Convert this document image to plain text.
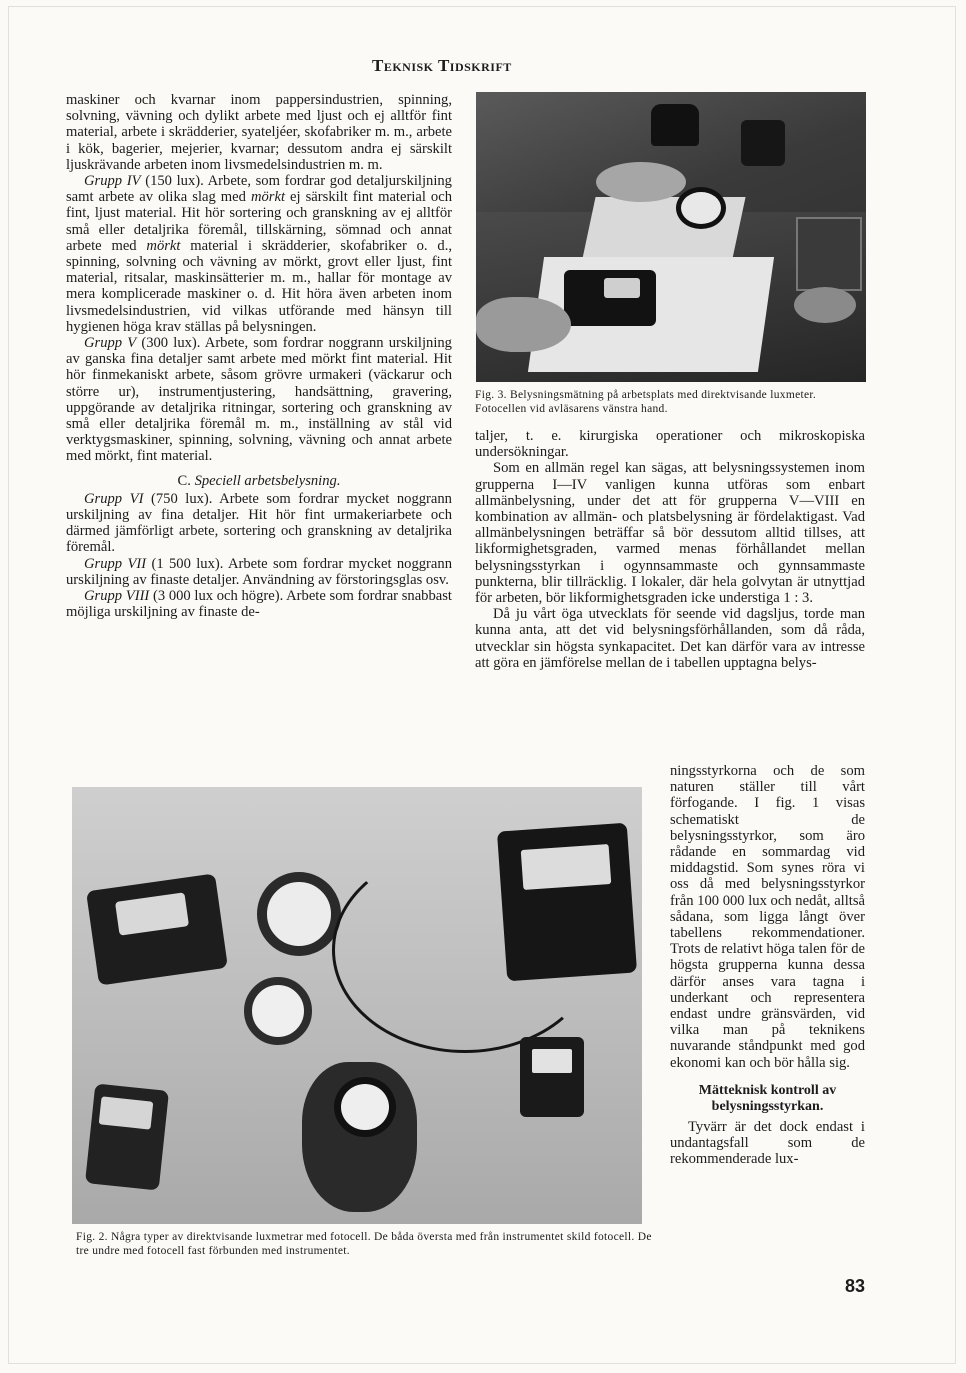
Teknisk Tidskrift

maskiner och kvarnar inom pappersindustrien, spinning, solvning, vävning och dylikt arbete med ljust och ej alltför fint material, arbete i skrädderier, syateljéer, skofabriker m. m., arbete i kök, bagerier, mejerier, kvarnar; dessutom andra ej särskilt ljuskrävande arbeten inom livsmedelsindustrien m. m.

Grupp IV (150 lux). Arbete, som fordrar god detaljurskiljning samt arbete av olika slag med mörkt ej särskilt fint material och fint, ljust material. Hit hör sortering och granskning av ej alltför små eller detaljrika föremål, tillskärning, sömnad och annat arbete med mörkt material i skrädderier, skofabriker o. d., spinning, solvning och vävning av mörkt, grovt eller ljust, fint material, ritsalar, maskinsätterier m. m., hallar för montage av mera komplicerade maskiner o. d. Hit höra även arbeten inom livsmedelsindustrien, vid vilkas utförande med hänsyn till hygienen höga krav ställas på belysningen.

Grupp V (300 lux). Arbete, som fordrar noggrann urskiljning av ganska fina detaljer samt arbete med mörkt fint material. Hit hör finmekaniskt arbete, såsom grövre urmakeri (väckarur och större ur), instrumentjustering, handsättning, gravering, uppgörande av detaljrika ritningar, sortering och granskning av små eller detaljrika föremål m. m., inställning av stål vid verktygsmaskiner, spinning, solvning, vävning och annat arbete med mörkt, fint material.

C. Speciell arbetsbelysning.

Grupp VI (750 lux). Arbete som fordrar mycket noggrann urskiljning av fina detaljer. Hit hör fint urmakeriarbete och därmed jämförligt arbete, sortering och granskning av detaljrika föremål.

Grupp VII (1 500 lux). Arbete som fordrar mycket noggrann urskiljning av finaste detaljer. Användning av förstoringsglas osv.

Grupp VIII (3 000 lux och högre). Arbete som fordrar snabbast möjliga urskiljning av finaste de-

Fig. 3. Belysningsmätning på arbetsplats med direktvisande luxmeter. Fotocellen vid avläsarens vänstra hand.

taljer, t. e. kirurgiska operationer och mikroskopiska undersökningar.

Som en allmän regel kan sägas, att belysningssystemen inom grupperna I—IV vanligen kunna utföras som enbart allmänbelysning, under det att för grupperna V—VIII en kombination av allmän- och platsbelysning är fördelaktigast. Vad allmänbelysningen beträffar så bör dessutom alltid tillses, att likformighetsgraden, varmed menas förhållandet mellan belysningsstyrkan i ogynnsammaste och gynnsammaste punkterna, blir tillräcklig. I lokaler, där hela golvytan är utnyttjad för arbeten, bör likformighetsgraden icke understiga 1 : 3.

Då ju vårt öga utvecklats för seende vid dagsljus, torde man kunna anta, att det vid belysningsförhållanden, som då råda, utvecklar sin högsta synkapacitet. Det kan därför vara av intresse att göra en jämförelse mellan de i tabellen upptagna belys-

ningsstyrkorna och de som naturen ställer till vårt förfogande. I fig. 1 visas schematiskt de belysningsstyrkor, som äro rådande en sommardag vid middagstid. Som synes röra vi oss då med belysningsstyrkor från 100 000 lux och nedåt, alltså sådana, som ligga långt över tabellens rekommendationer. Trots de relativt höga talen för de högsta grupperna kunna dessa därför anses vara tagna i underkant och representera endast undre gränsvärden, vid vilka man på teknikens nuvarande ståndpunkt med god ekonomi kan och bör hålla sig.

Mätteknisk kontroll av belysningsstyrkan.

Tyvärr är det dock endast i undantagsfall som de rekommenderade lux-

Fig. 2. Några typer av direktvisande luxmetrar med fotocell. De båda översta med från instrumentet skild fotocell. De tre undre med fotocell fast förbunden med instrumentet.
83
